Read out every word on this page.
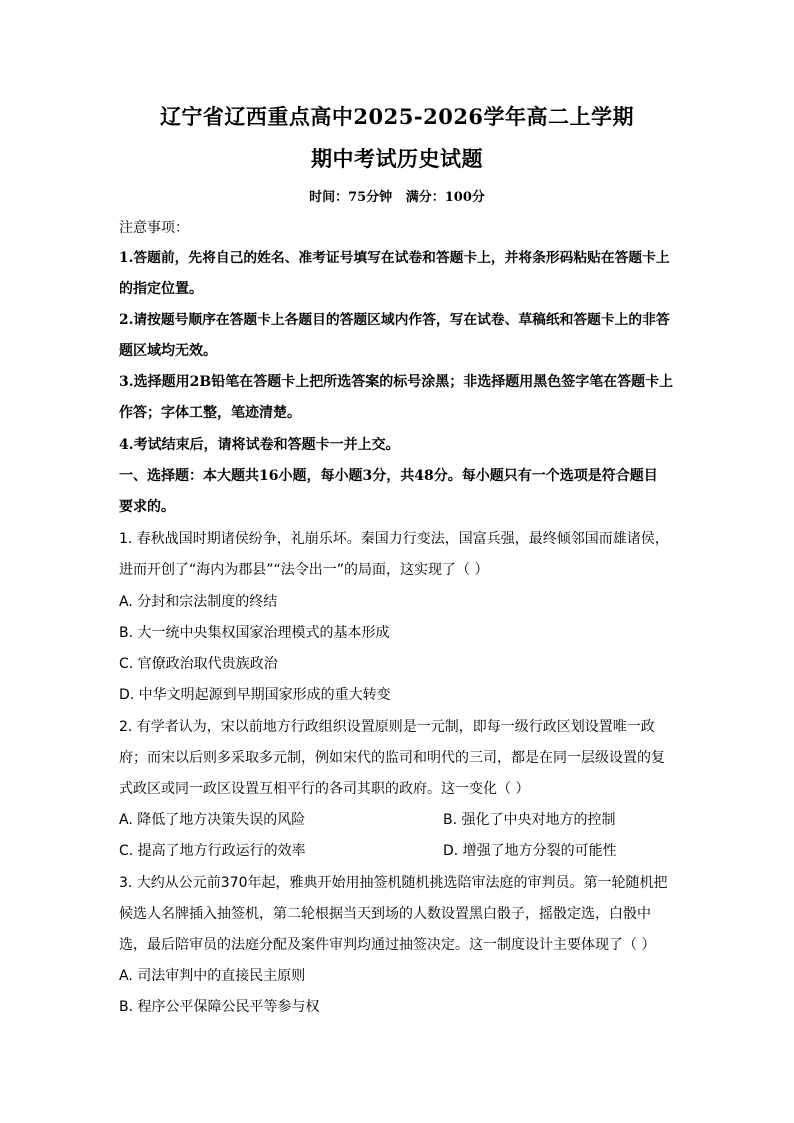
辽宁省辽西重点高中2025-2026学年高二上学期
期中考试历史试题
时间：75分钟   满分：100分
注意事项：
1.答题前，先将自己的姓名、准考证号填写在试卷和答题卡上，并将条形码粘贴在答题卡上
的指定位置。
2.请按题号顺序在答题卡上各题目的答题区域内作答，写在试卷、草稿纸和答题卡上的非答
题区域均无效。
3.选择题用2B铅笔在答题卡上把所选答案的标号涂黑；非选择题用黑色签字笔在答题卡上
作答；字体工整，笔迹清楚。
4.考试结束后，请将试卷和答题卡一并上交。
一、选择题：本大题共16小题，每小题3分，共48分。每小题只有一个选项是符合题目
要求的。
1. 春秋战国时期诸侯纷争，礼崩乐坏。秦国力行变法，国富兵强，最终倾邻国而雄诸侯，
进而开创了“海内为郡县”“法令出一”的局面，这实现了（ ）
A. 分封和宗法制度的终结
B. 大一统中央集权国家治理模式的基本形成
C. 官僚政治取代贵族政治
D. 中华文明起源到早期国家形成的重大转变
2. 有学者认为，宋以前地方行政组织设置原则是一元制，即每一级行政区划设置唯一政
府；而宋以后则多采取多元制，例如宋代的监司和明代的三司，都是在同一层级设置的复
式政区或同一政区设置互相平行的各司其职的政府。这一变化（ ）
A. 降低了地方决策失误的风险	B. 强化了中央对地方的控制
C. 提高了地方行政运行的效率	D. 增强了地方分裂的可能性
3. 大约从公元前370年起，雅典开始用抽签机随机挑选陪审法庭的审判员。第一轮随机把
候选人名牌插入抽签机，第二轮根据当天到场的人数设置黑白骰子，摇骰定选，白骰中
选，最后陪审员的法庭分配及案件审判均通过抽签决定。这一制度设计主要体现了（ ）
A. 司法审判中的直接民主原则
B. 程序公平保障公民平等参与权
